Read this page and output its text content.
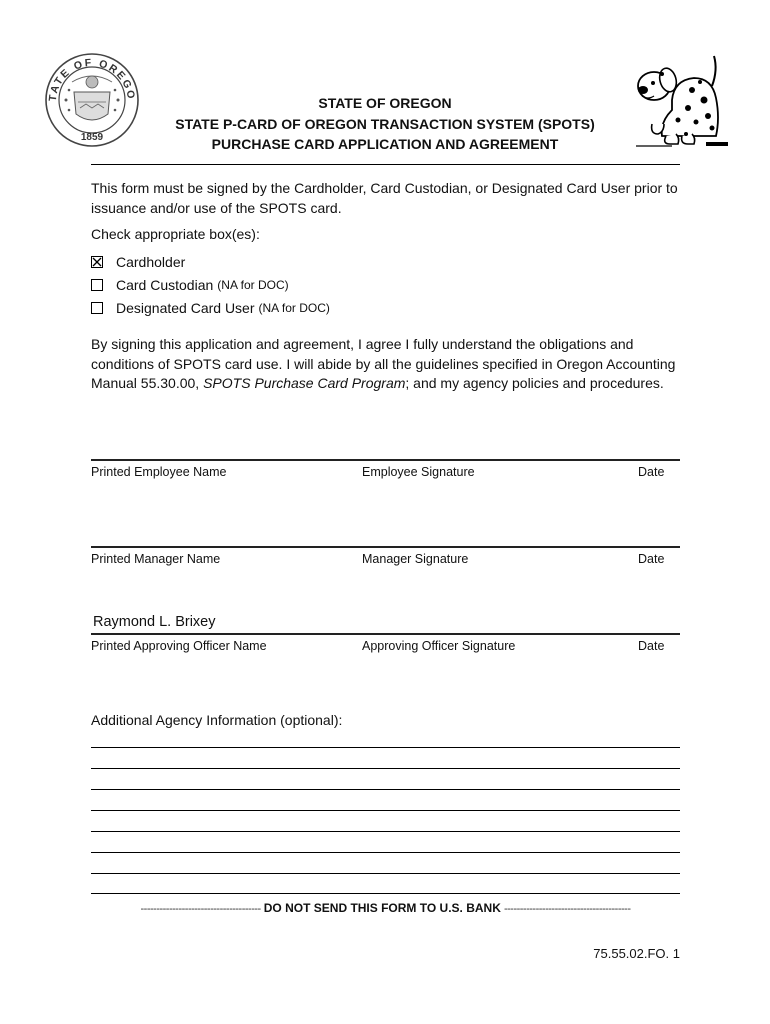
TATE OF OREGO
1859
STATE OF OREGON
STATE P-CARD OF OREGON TRANSACTION SYSTEM (SPOTS)
PURCHASE CARD APPLICATION AND AGREEMENT
This form must be signed by the Cardholder, Card Custodian, or Designated Card User prior to issuance and/or use of the SPOTS card.
Check appropriate box(es):
Cardholder
Card Custodian (NA for DOC)
Designated Card User (NA for DOC)
By signing this application and agreement, I agree I fully understand the obligations and conditions of SPOTS card use. I will abide by all the guidelines specified in Oregon Accounting Manual 55.30.00, SPOTS Purchase Card Program; and my agency policies and procedures.
Printed Employee Name	Employee Signature	Date
Printed Manager Name	Manager Signature	Date
Raymond L. Brixey
Printed Approving Officer Name	Approving Officer Signature	Date
Additional Agency Information (optional):
-------------------------------------- DO NOT SEND THIS FORM TO U.S. BANK ----------------------------------------
75.55.02.FO. 1
